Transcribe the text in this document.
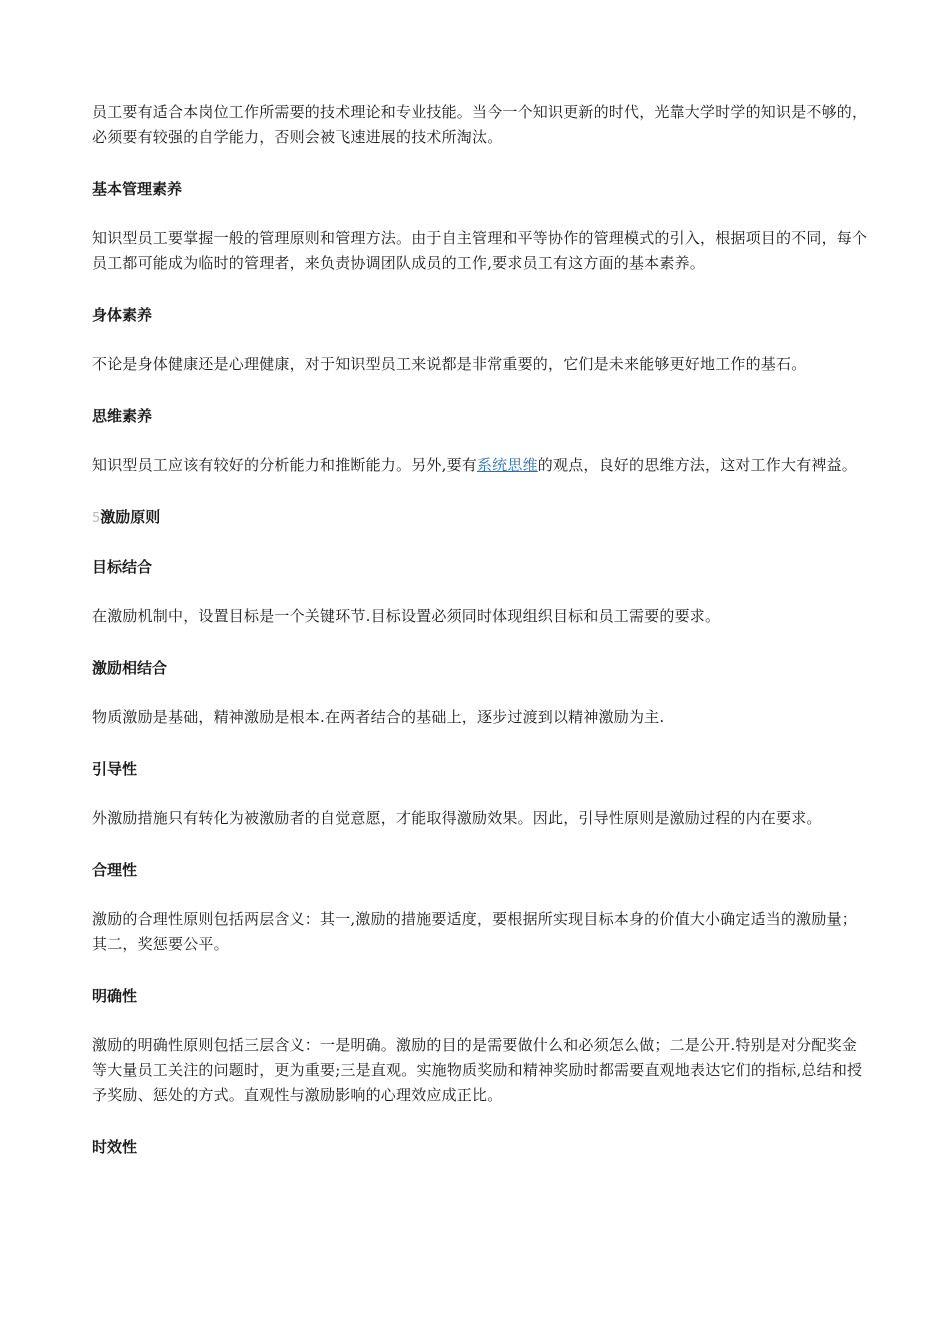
员工要有适合本岗位工作所需要的技术理论和专业技能。当今一个知识更新的时代，光靠大学时学的知识是不够的，必须要有较强的自学能力，否则会被飞速进展的技术所淘汰。

基本管理素养

知识型员工要掌握一般的管理原则和管理方法。由于自主管理和平等协作的管理模式的引入，根据项目的不同，每个员工都可能成为临时的管理者，来负责协调团队成员的工作,要求员工有这方面的基本素养。

身体素养

不论是身体健康还是心理健康，对于知识型员工来说都是非常重要的，它们是未来能够更好地工作的基石。

思维素养

知识型员工应该有较好的分析能力和推断能力。另外,要有系统思维的观点，良好的思维方法，这对工作大有裨益。

5激励原则
目标结合

在激励机制中，设置目标是一个关键环节.目标设置必须同时体现组织目标和员工需要的要求。

激励相结合

物质激励是基础，精神激励是根本.在两者结合的基础上，逐步过渡到以精神激励为主.

引导性

外激励措施只有转化为被激励者的自觉意愿，才能取得激励效果。因此，引导性原则是激励过程的内在要求。

合理性

激励的合理性原则包括两层含义：其一,激励的措施要适度，要根据所实现目标本身的价值大小确定适当的激励量；其二，奖惩要公平。

明确性

激励的明确性原则包括三层含义：一是明确。激励的目的是需要做什么和必须怎么做；二是公开.特别是对分配奖金等大量员工关注的问题时，更为重要;三是直观。实施物质奖励和精神奖励时都需要直观地表达它们的指标,总结和授予奖励、惩处的方式。直观性与激励影响的心理效应成正比。

时效性
